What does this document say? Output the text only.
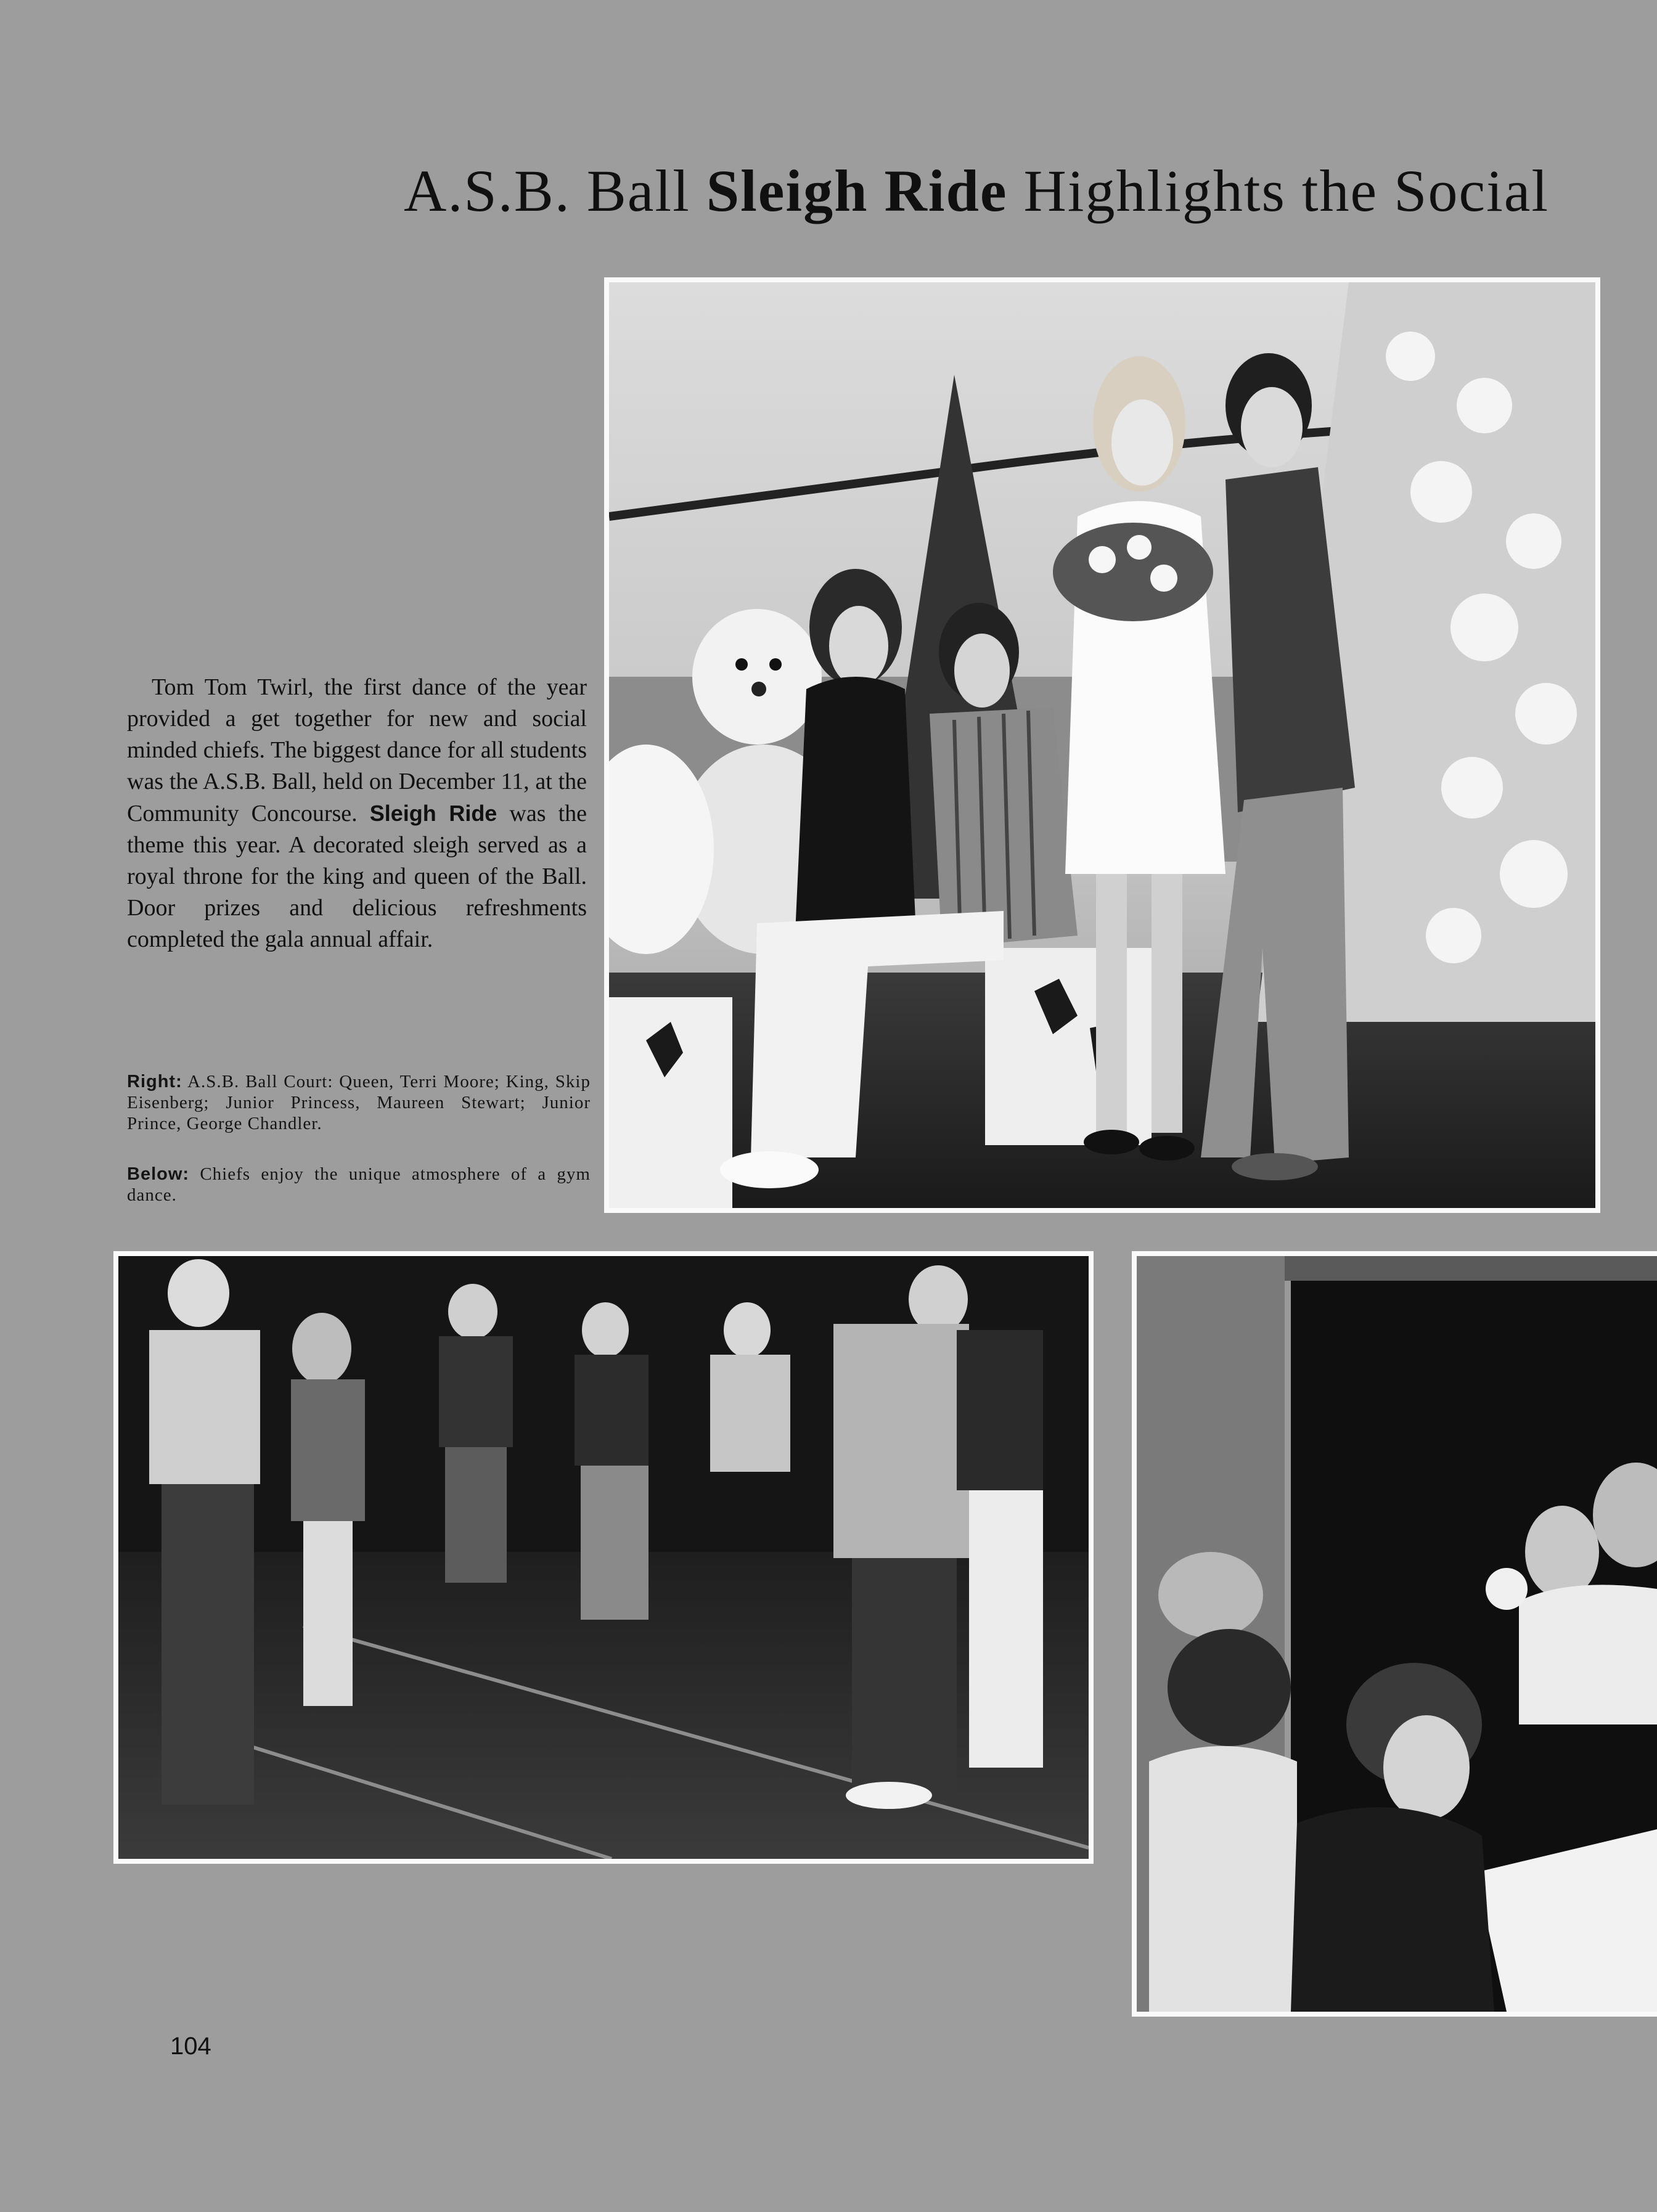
A.S.B. Ball Sleigh Ride Highlights the Social

Tom Tom Twirl, the first dance of the year provided a get together for new and social minded chiefs. The biggest dance for all students was the A.S.B. Ball, held on December 11, at the Community Concourse. Sleigh Ride was the theme this year. A decorated sleigh served as a royal throne for the king and queen of the Ball. Door prizes and delicious refreshments completed the gala annual affair.

Right: A.S.B. Ball Court: Queen, Terri Moore; King, Skip Eisenberg; Junior Princess, Maureen Stewart; Junior Prince, George Chandler.
Below: Chiefs enjoy the unique atmosphere of a gym dance.
104
